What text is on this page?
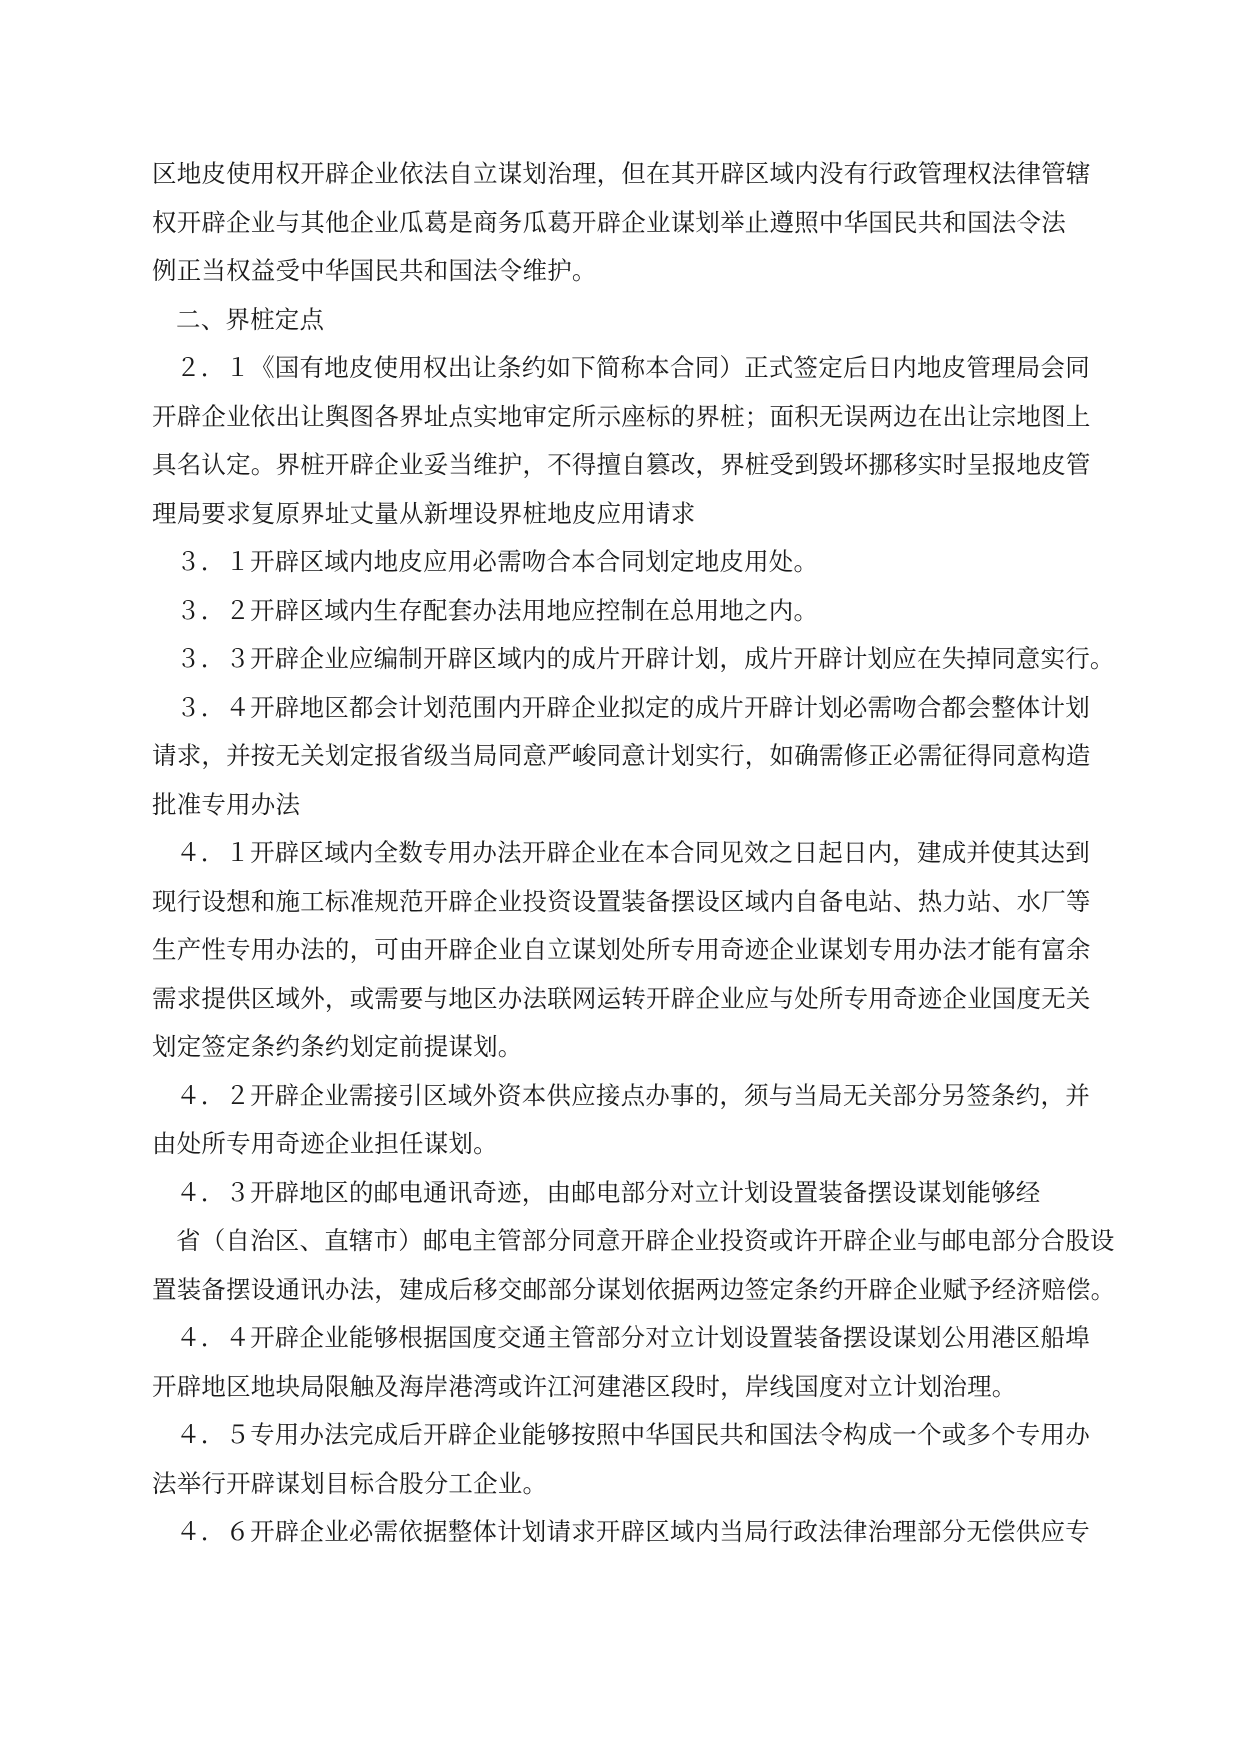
区地皮使用权开辟企业依法自立谋划治理，但在其开辟区域内没有行政管理权法律管辖
权开辟企业与其他企业瓜葛是商务瓜葛开辟企业谋划举止遵照中华国民共和国法令法
例正当权益受中华国民共和国法令维护。
二、界桩定点
２．１《国有地皮使用权出让条约如下简称本合同）正式签定后日内地皮管理局会同
开辟企业依出让舆图各界址点实地审定所示座标的界桩；面积无误两边在出让宗地图上
具名认定。界桩开辟企业妥当维护，不得擅自篡改，界桩受到毁坏挪移实时呈报地皮管
理局要求复原界址丈量从新埋设界桩地皮应用请求
３．１开辟区域内地皮应用必需吻合本合同划定地皮用处。
３．２开辟区域内生存配套办法用地应控制在总用地之内。
３．３开辟企业应编制开辟区域内的成片开辟计划，成片开辟计划应在失掉同意实行。
３．４开辟地区都会计划范围内开辟企业拟定的成片开辟计划必需吻合都会整体计划
请求，并按无关划定报省级当局同意严峻同意计划实行，如确需修正必需征得同意构造
批准专用办法
４．１开辟区域内全数专用办法开辟企业在本合同见效之日起日内，建成并使其达到
现行设想和施工标准规范开辟企业投资设置装备摆设区域内自备电站、热力站、水厂等
生产性专用办法的，可由开辟企业自立谋划处所专用奇迹企业谋划专用办法才能有富余
需求提供区域外，或需要与地区办法联网运转开辟企业应与处所专用奇迹企业国度无关
划定签定条约条约划定前提谋划。
４．２开辟企业需接引区域外资本供应接点办事的，须与当局无关部分另签条约，并
由处所专用奇迹企业担任谋划。
４．３开辟地区的邮电通讯奇迹，由邮电部分对立计划设置装备摆设谋划能够经
省（自治区、直辖市）邮电主管部分同意开辟企业投资或许开辟企业与邮电部分合股设
置装备摆设通讯办法，建成后移交邮部分谋划依据两边签定条约开辟企业赋予经济赔偿。
４．４开辟企业能够根据国度交通主管部分对立计划设置装备摆设谋划公用港区船埠
开辟地区地块局限触及海岸港湾或许江河建港区段时，岸线国度对立计划治理。
４．５专用办法完成后开辟企业能够按照中华国民共和国法令构成一个或多个专用办
法举行开辟谋划目标合股分工企业。
４．６开辟企业必需依据整体计划请求开辟区域内当局行政法律治理部分无偿供应专
